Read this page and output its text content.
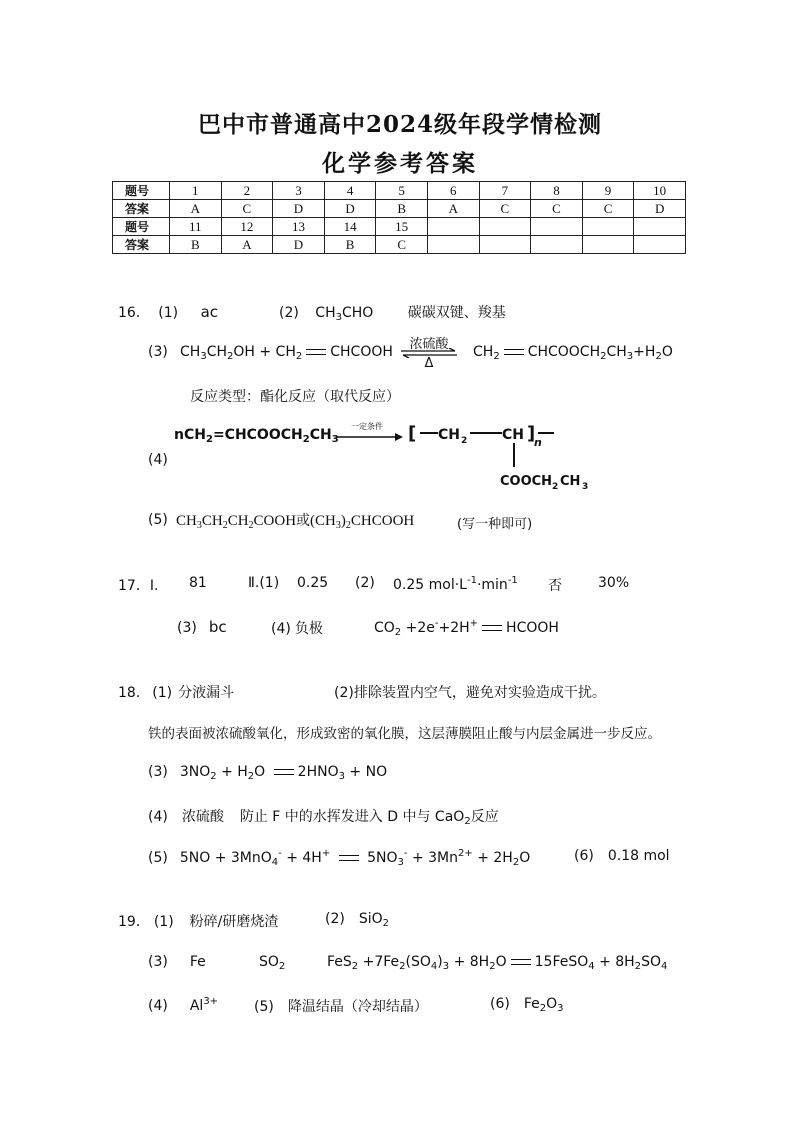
巴中市普通高中2024级年段学情检测
化学参考答案
题号	1	2	3	4	5	6	7	8	9	10
答案	A	C	D	D	B	A	C	C	C	D
题号	11	12	13	14	15					
答案	B	A	D	B	C					
16． (1) ac	(2) $CH_3CHO$ 碳碳双键、羧基
(3) $CH_3CH_2OH + CH_2$ CHCOOH	浓硫酸
Δ
$CH_2$ $CHCOOCH_2CH_3+H_2O$
反应类型：酯化反应（取代反应）
(4)
$nCH_2=CHCOOCH_2CH_3$
一定条件	[ CH 2 CH ]
n
COOCH 2 CH 3
(5) $CH_3CH_2CH_2COOH$或$(CH_3)_2CHCOOH$	(写一种即可)
17．Ⅰ. 81	Ⅱ.(1) 0.25 (2) 0.25 $mol\cdot L^{-1}\cdot\min^{-1}$ 否	30%
(3) bc	(4) 负极	$CO_2 +2e^-+2H^+$ HCOOH
18. (1) 分液漏斗	(2)排除装置内空气，避免对实验造成干扰。
铁的表面被浓硫酸氧化，形成致密的氧化膜，这层薄膜阻止酸与内层金属进一步反应。
(3) $3NO_2 + H_2O$ $2HNO_3$ + NO
(4) 浓硫酸 防止 F 中的水挥发进入 D 中与 CaO$_2$反应
(5) 5NO + 3MnO$_4$- + 4H+  $5NO_3^- + 3Mn^{2+} + 2H_2O$	(6) 0.18 mol
19． (1) 粉碎/研磨烧渣	(2) SiO$_2$
(3) Fe	$SO_2$	$FeS_2 +7Fe_2(SO_4)_3 + 8H_2O$ 15FeSO$_4$ + $8H_2SO_4$
(4) $Al^{3+}$	(5) 降温结晶（冷却结晶）	(6) $Fe_2O_3$
